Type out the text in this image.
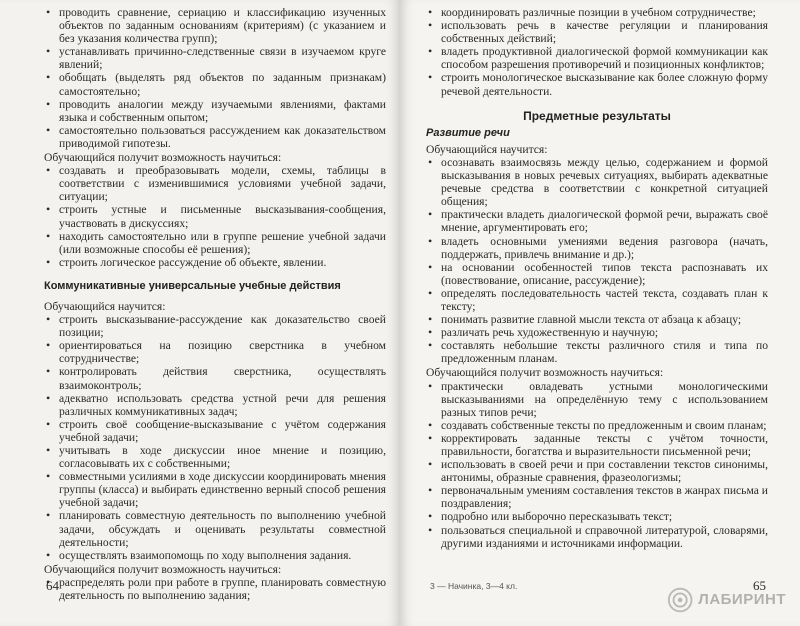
• проводить сравнение, сериацию и классификацию изученных объектов по заданным основаниям (критериям) (с указанием и без указания количества групп);
• устанавливать причинно-следственные связи в изучаемом круге явлений;
• обобщать (выделять ряд объектов по заданным признакам) самостоятельно;
• проводить аналогии между изучаемыми явлениями, фактами языка и собственным опытом;
• самостоятельно пользоваться рассуждением как доказательством приводимой гипотезы.

Обучающийся получит возможность научиться:

• создавать и преобразовывать модели, схемы, таблицы в соответствии с изменившимися условиями учебной задачи, ситуации;
• строить устные и письменные высказывания-сообщения, участвовать в дискуссиях;
• находить самостоятельно или в группе решение учебной задачи (или возможные способы её решения);
• строить логическое рассуждение об объекте, явлении.
Коммуникативные универсальные учебные действия

Обучающийся научится:

• строить высказывание-рассуждение как доказательство своей позиции;
• ориентироваться на позицию сверстника в учебном сотрудничестве;
• контролировать действия сверстника, осуществлять взаимоконтроль;
• адекватно использовать средства устной речи для решения различных коммуникативных задач;
• строить своё сообщение-высказывание с учётом содержания учебной задачи;
• учитывать в ходе дискуссии иное мнение и позицию, согласовывать их с собственными;
• совместными усилиями в ходе дискуссии координировать мнения группы (класса) и выбирать единственно верный способ решения учебной задачи;
• планировать совместную деятельность по выполнению учебной задачи, обсуждать и оценивать результаты совместной деятельности;
• осуществлять взаимопомощь по ходу выполнения задания.

Обучающийся получит возможность научиться:

• распределять роли при работе в группе, планировать совместную деятельность по выполнению задания;
64
• координировать различные позиции в учебном сотрудничестве;
• использовать речь в качестве регуляции и планирования собственных действий;
• владеть продуктивной диалогической формой коммуникации как способом разрешения противоречий и позиционных конфликтов;
• строить монологическое высказывание как более сложную форму речевой деятельности.
Предметные результаты
Развитие речи

Обучающийся научится:

• осознавать взаимосвязь между целью, содержанием и формой высказывания в новых речевых ситуациях, выбирать адекватные речевые средства в соответствии с конкретной ситуацией общения;
• практически владеть диалогической формой речи, выражать своё мнение, аргументировать его;
• владеть основными умениями ведения разговора (начать, поддержать, привлечь внимание и др.);
• на основании особенностей типов текста распознавать их (повествование, описание, рассуждение);
• определять последовательность частей текста, создавать план к тексту;
• понимать развитие главной мысли текста от абзаца к абзацу;
• различать речь художественную и научную;
• составлять небольшие тексты различного стиля и типа по предложенным планам.

Обучающийся получит возможность научиться:

• практически овладевать устными монологическими высказываниями на определённую тему с использованием разных типов речи;
• создавать собственные тексты по предложенным и своим планам;
• корректировать заданные тексты с учётом точности, правильности, богатства и выразительности письменной речи;
• использовать в своей речи и при составлении текстов синонимы, антонимы, образные сравнения, фразеологизмы;
• первоначальным умениям составления текстов в жанрах письма и поздравления;
• подробно или выборочно пересказывать текст;
• пользоваться специальной и справочной литературой, словарями, другими изданиями и источниками информации.
3 — Начинка, 3—4 кл.	65
ЛАБИРИНТ
